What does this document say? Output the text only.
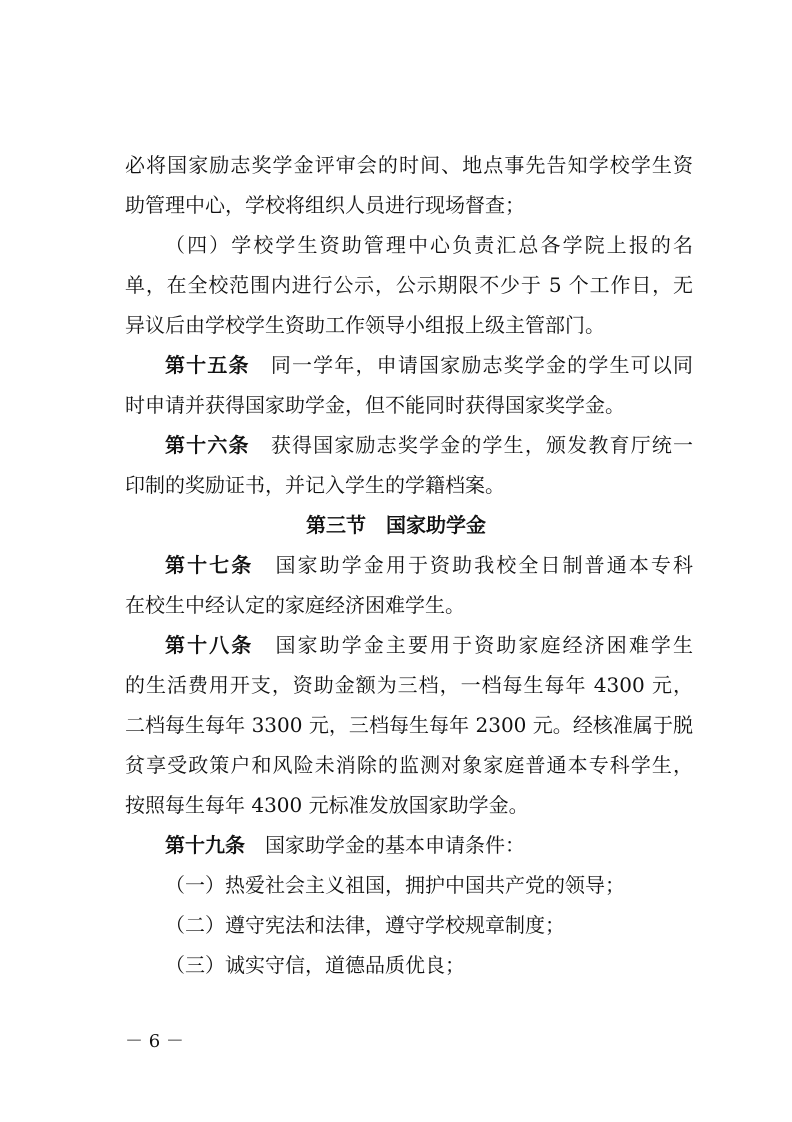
必将国家励志奖学金评审会的时间、地点事先告知学校学生资
助管理中心，学校将组织人员进行现场督查；
（四）学校学生资助管理中心负责汇总各学院上报的名
单，在全校范围内进行公示，公示期限不少于 5 个工作日，无
异议后由学校学生资助工作领导小组报上级主管部门。
第十五条 同一学年，申请国家励志奖学金的学生可以同
时申请并获得国家助学金，但不能同时获得国家奖学金。
第十六条 获得国家励志奖学金的学生，颁发教育厅统一
印制的奖励证书，并记入学生的学籍档案。
第三节　国家助学金
第十七条 国家助学金用于资助我校全日制普通本专科
在校生中经认定的家庭经济困难学生。
第十八条 国家助学金主要用于资助家庭经济困难学生
的生活费用开支，资助金额为三档，一档每生每年 4300 元，
二档每生每年 3300 元，三档每生每年 2300 元。经核准属于脱
贫享受政策户和风险未消除的监测对象家庭普通本专科学生，
按照每生每年 4300 元标准发放国家助学金。
第十九条 国家助学金的基本申请条件：
（一）热爱社会主义祖国，拥护中国共产党的领导；
（二）遵守宪法和法律，遵守学校规章制度；
（三）诚实守信，道德品质优良；
－ 6 －
